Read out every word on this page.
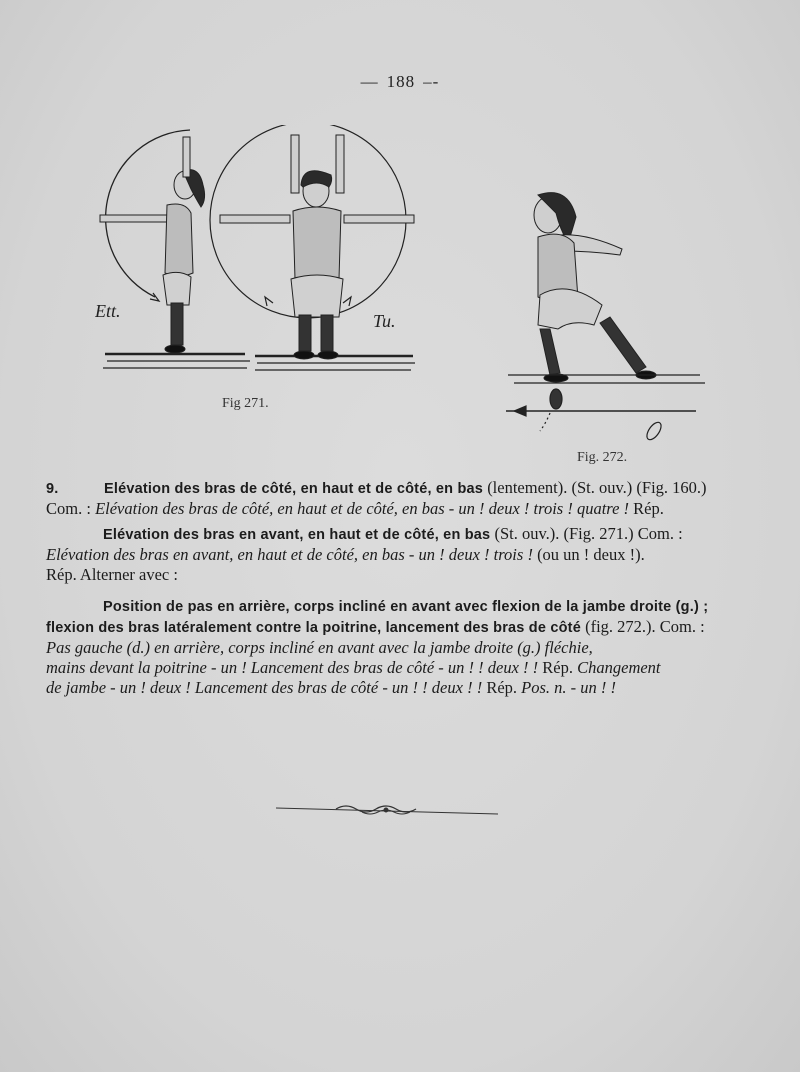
— 188 –-
Ett.	Tu.
Fig 271.
Fig. 272.
9.	Elévation des bras de côté, en haut et de côté, en bas (lentement). (St. ouv.) (Fig. 160.)
Com. : Elévation des bras de côté, en haut et de côté, en bas - un ! deux ! trois ! quatre ! Rép.
Elévation des bras en avant, en haut et de côté, en bas (St. ouv.). (Fig. 271.) Com. :
Elévation des bras en avant, en haut et de côté, en bas - un ! deux ! trois ! (ou un ! deux !).
Rép. Alterner avec :
Position de pas en arrière, corps incliné en avant avec flexion de la jambe droite (g.) ;
flexion des bras latéralement contre la poitrine, lancement des bras de côté (fig. 272.). Com. :
Pas gauche (d.) en arrière, corps incliné en avant avec la jambe droite (g.) fléchie,
mains devant la poitrine - un ! Lancement des bras de côté - un ! ! deux ! ! Rép. Changement
de jambe - un ! deux ! Lancement des bras de côté - un ! ! deux ! ! Rép. Pos. n. - un ! !
